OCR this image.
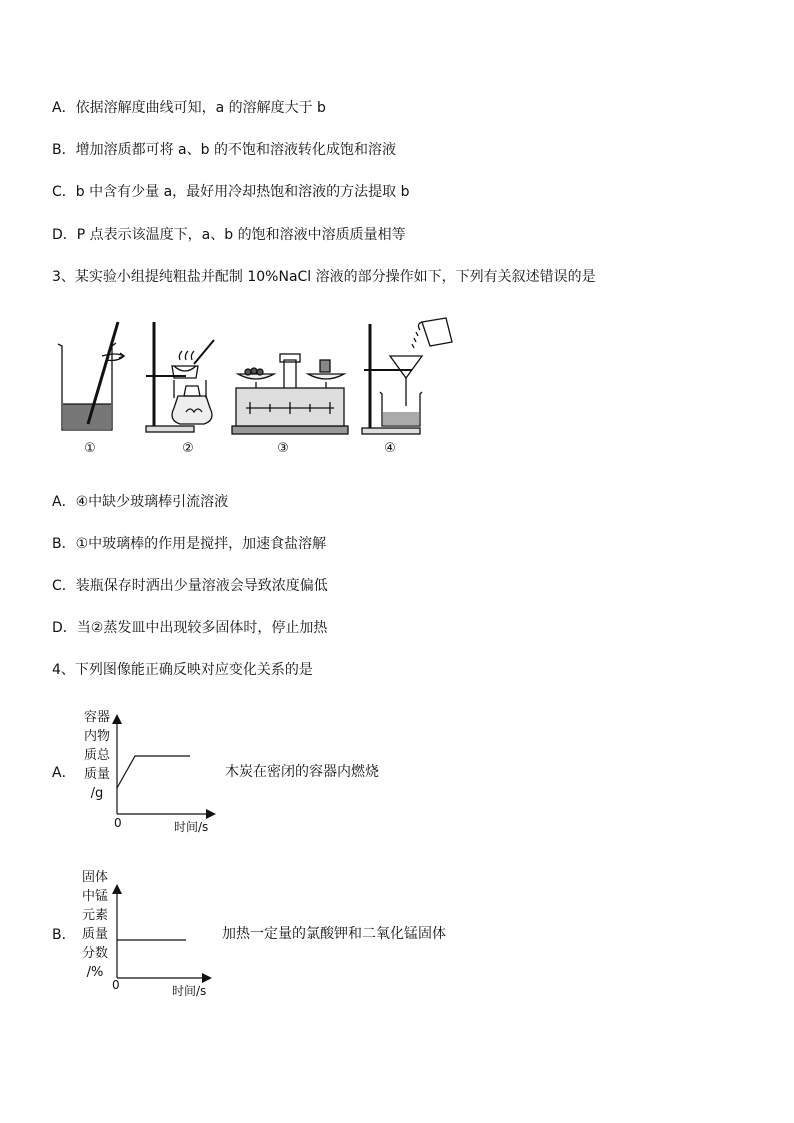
A．依据溶解度曲线可知，a 的溶解度大于 b
B．增加溶质都可将 a、b 的不饱和溶液转化成饱和溶液
C．b 中含有少量 a，最好用冷却热饱和溶液的方法提取 b
D．P 点表示该温度下，a、b 的饱和溶液中溶质质量相等
3、某实验小组提纯粗盐并配制 10%NaCl 溶液的部分操作如下，下列有关叙述错误的是
①	②	③	④
A．④中缺少玻璃棒引流溶液
B．①中玻璃棒的作用是搅拌，加速食盐溶解
C．装瓶保存时洒出少量溶液会导致浓度偏低
D．当②蒸发皿中出现较多固体时，停止加热
4、下列图像能正确反映对应变化关系的是
A．
容器
内物
质总
质量
/g
0	时间/s
木炭在密闭的容器内燃烧
B．
固体
中锰
元素
质量
分数
/%
0	时间/s
加热一定量的氯酸钾和二氧化锰固体
